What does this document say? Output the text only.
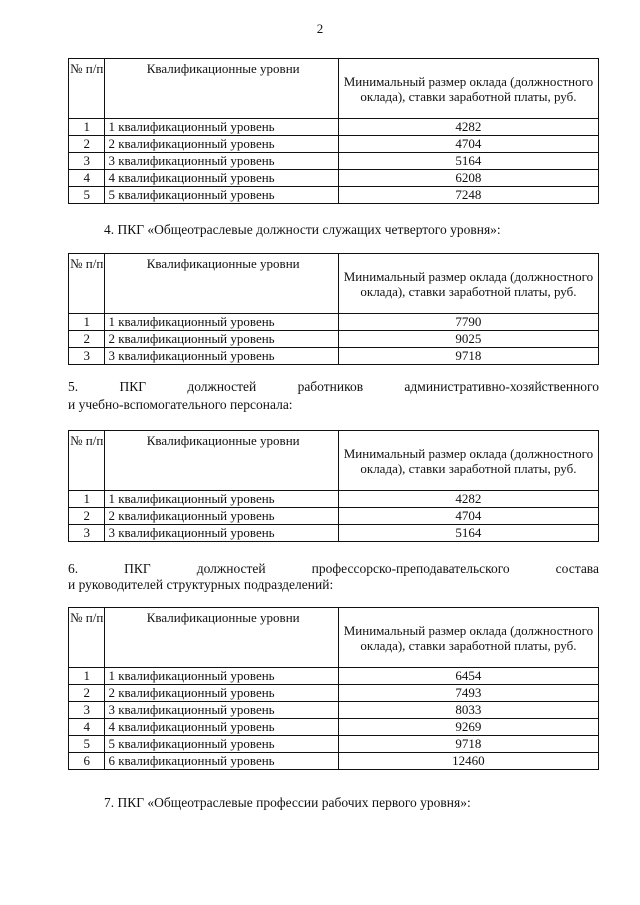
2
№ п/п	Квалификационные уровни	Минимальный размер оклада (должностного оклада), ставки заработной платы, руб.
1	1 квалификационный уровень	4282
2	2 квалификационный уровень	4704
3	3 квалификационный уровень	5164
4	4 квалификационный уровень	6208
5	5 квалификационный уровень	7248
4. ПКГ «Общеотраслевые должности служащих четвертого уровня»:
№ п/п	Квалификационные уровни	Минимальный размер оклада (должностного оклада), ставки заработной платы, руб.
1	1 квалификационный уровень	7790
2	2 квалификационный уровень	9025
3	3 квалификационный уровень	9718
5. ПКГ должностей работников административно-хозяйственного
и учебно-вспомогательного персонала:
№ п/п	Квалификационные уровни	Минимальный размер оклада (должностного оклада), ставки заработной платы, руб.
1	1 квалификационный уровень	4282
2	2 квалификационный уровень	4704
3	3 квалификационный уровень	5164
6. ПКГ должностей профессорско-преподавательского состава
и руководителей структурных подразделений:
№ п/п	Квалификационные уровни	Минимальный размер оклада (должностного оклада), ставки заработной платы, руб.
1	1 квалификационный уровень	6454
2	2 квалификационный уровень	7493
3	3 квалификационный уровень	8033
4	4 квалификационный уровень	9269
5	5 квалификационный уровень	9718
6	6 квалификационный уровень	12460
7. ПКГ «Общеотраслевые профессии рабочих первого уровня»:
